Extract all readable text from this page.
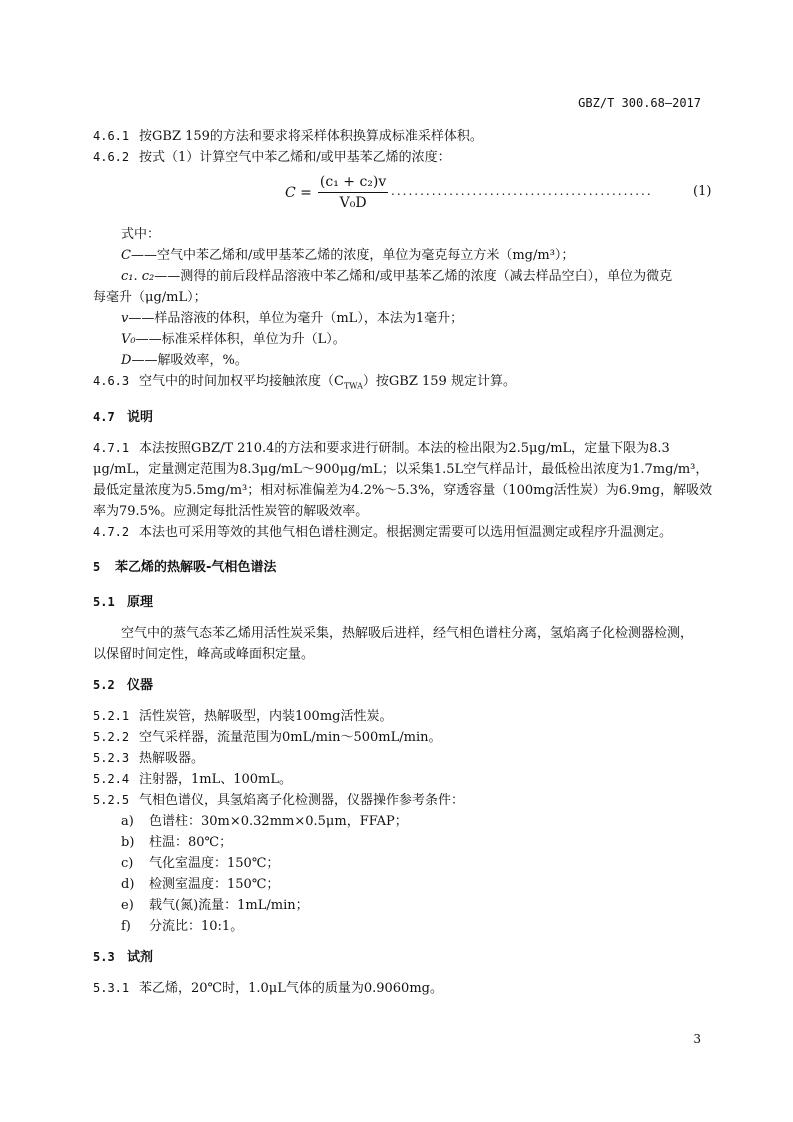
GBZ/T 300.68—2017

4.6.1 按GBZ 159的方法和要求将采样体积换算成标准采样体积。

4.6.2 按式（1）计算空气中苯乙烯和/或甲基苯乙烯的浓度：

$C = \frac{\text{(c₁ + c₂)v}}{\text{V₀D}}$ .............................................	(1)

式中：

C——空气中苯乙烯和/或甲基苯乙烯的浓度，单位为毫克每立方米（mg/m³）；

c₁. c₂——测得的前后段样品溶液中苯乙烯和/或甲基苯乙烯的浓度（减去样品空白），单位为微克

每毫升（μg/mL）；

v——样品溶液的体积，单位为毫升（mL），本法为1毫升；

V₀——标准采样体积，单位为升（L）。

D——解吸效率，%。

4.6.3 空气中的时间加权平均接触浓度$(C_{TWA})$按GBZ 159 规定计算。

4.7 说明

4.7.1 本法按照GBZ/T 210.4的方法和要求进行研制。本法的检出限为2.5μg/mL，定量下限为8.3

μg/mL，定量测定范围为8.3μg/mL～900μg/mL；以采集1.5L空气样品计，最低检出浓度为1.7mg/m³，

最低定量浓度为5.5mg/m³；相对标准偏差为4.2%～5.3%，穿透容量（100mg活性炭）为6.9mg，解吸效

率为79.5%。应测定每批活性炭管的解吸效率。

4.7.2 本法也可采用等效的其他气相色谱柱测定。根据测定需要可以选用恒温测定或程序升温测定。

5 苯乙烯的热解吸-气相色谱法

5.1 原理

空气中的蒸气态苯乙烯用活性炭采集，热解吸后进样，经气相色谱柱分离，氢焰离子化检测器检测，

以保留时间定性，峰高或峰面积定量。

5.2 仪器

5.2.1 活性炭管，热解吸型，内装100mg活性炭。

5.2.2 空气采样器，流量范围为0mL/min～500mL/min。

5.2.3 热解吸器。

5.2.4 注射器，1mL、100mL。

5.2.5 气相色谱仪，具氢焰离子化检测器，仪器操作参考条件：

a) 色谱柱：30m×0.32mm×0.5μm，FFAP；

b) 柱温：80℃；

c) 气化室温度：150℃；

d) 检测室温度：150℃；

e) 载气(氮)流量：1mL/min；

f) 分流比：10:1。

5.3 试剂

5.3.1 苯乙烯，20℃时，1.0μL气体的质量为0.9060mg。

3
